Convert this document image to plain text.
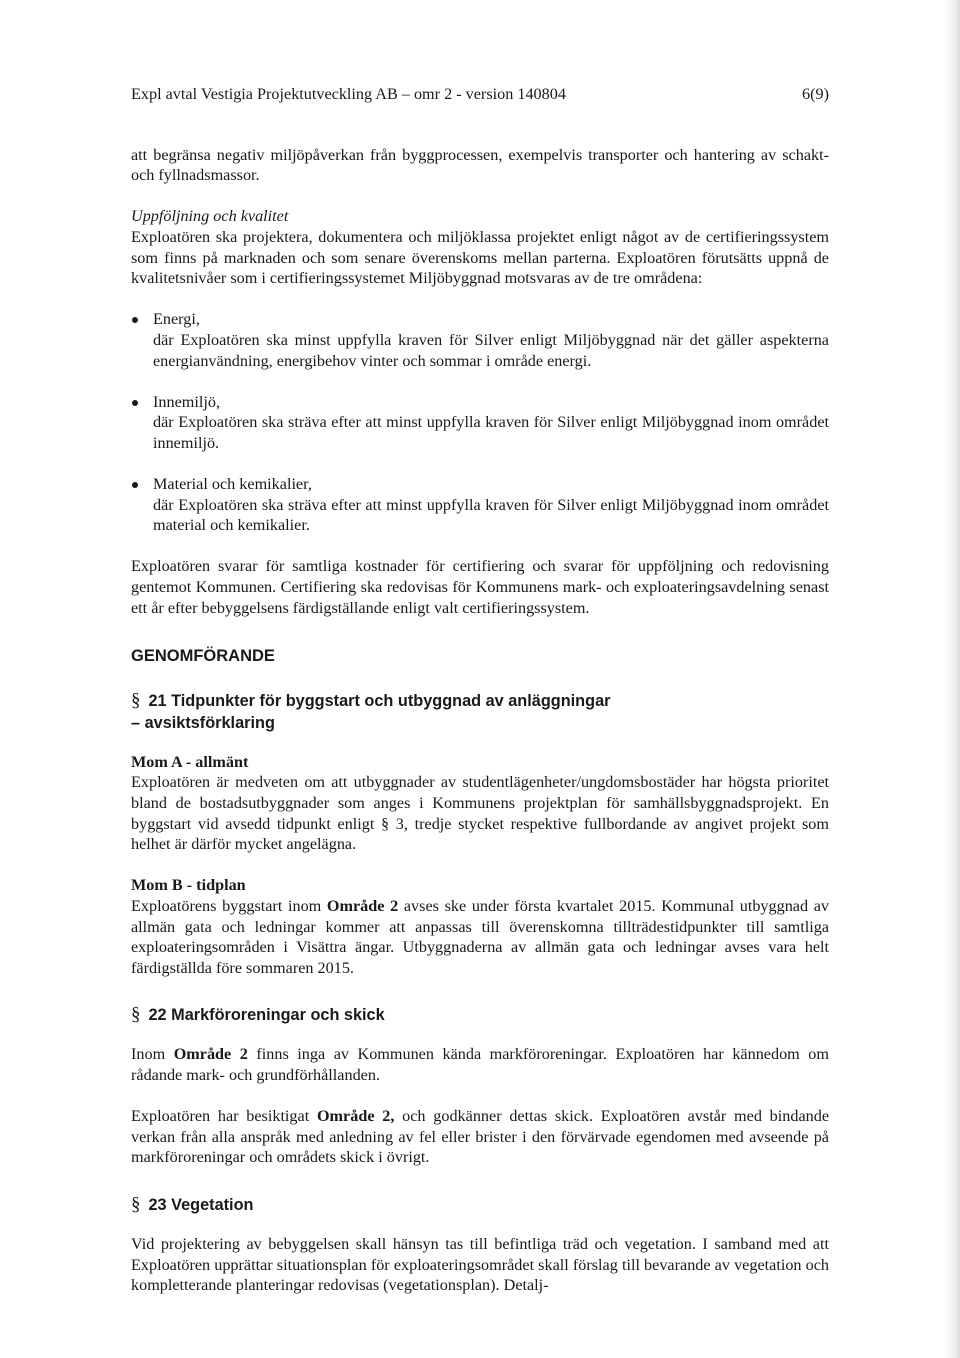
Expl avtal Vestigia Projektutveckling AB – omr 2 - version 140804	6(9)

att begränsa negativ miljöpåverkan från byggprocessen, exempelvis transporter och hantering av schakt- och fyllnadsmassor.

Uppföljning och kvalitet

Exploatören ska projektera, dokumentera och miljöklassa projektet enligt något av de certifieringssystem som finns på marknaden och som senare överenskoms mellan parterna. Exploatören förutsätts uppnå de kvalitetsnivåer som i certifieringssystemet Miljöbyggnad motsvaras av de tre områdena:

Energi,
där Exploatören ska minst uppfylla kraven för Silver enligt Miljöbyggnad när det gäller aspekterna energianvändning, energibehov vinter och sommar i område energi.
Innemiljö,
där Exploatören ska sträva efter att minst uppfylla kraven för Silver enligt Miljöbyggnad inom området innemiljö.
Material och kemikalier,
där Exploatören ska sträva efter att minst uppfylla kraven för Silver enligt Miljöbyggnad inom området material och kemikalier.

Exploatören svarar för samtliga kostnader för certifiering och svarar för uppföljning och redovisning gentemot Kommunen. Certifiering ska redovisas för Kommunens mark- och exploateringsavdelning senast ett år efter bebyggelsens färdigställande enligt valt certifieringssystem.

GENOMFÖRANDE
§ 21 Tidpunkter för byggstart och utbyggnad av anläggningar
– avsiktsförklaring

Mom A - allmänt

Exploatören är medveten om att utbyggnader av studentlägenheter/ungdomsbostäder har högsta prioritet bland de bostadsutbyggnader som anges i Kommunens projektplan för samhällsbyggnadsprojekt. En byggstart vid avsedd tidpunkt enligt § 3, tredje stycket respektive fullbordande av angivet projekt som helhet är därför mycket angelägna.

Mom B - tidplan

Exploatörens byggstart inom Område 2 avses ske under första kvartalet 2015. Kommunal utbyggnad av allmän gata och ledningar kommer att anpassas till överenskomna tillträdestidpunkter till samtliga exploateringsområden i Visättra ängar. Utbyggnaderna av allmän gata och ledningar avses vara helt färdigställda före sommaren 2015.

§ 22 Markföroreningar och skick

Inom Område 2 finns inga av Kommunen kända markföroreningar. Exploatören har kännedom om rådande mark- och grundförhållanden.

Exploatören har besiktigat Område 2, och godkänner dettas skick. Exploatören avstår med bindande verkan från alla anspråk med anledning av fel eller brister i den förvärvade egendomen med avseende på markföroreningar och områdets skick i övrigt.

§ 23 Vegetation

Vid projektering av bebyggelsen skall hänsyn tas till befintliga träd och vegetation. I samband med att Exploatören upprättar situationsplan för exploateringsområdet skall förslag till bevarande av vegetation och kompletterande planteringar redovisas (vegetationsplan). Detalj-
